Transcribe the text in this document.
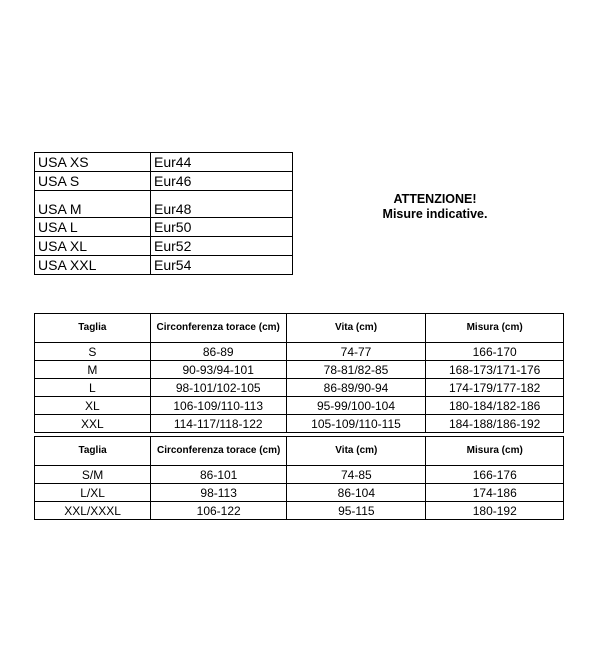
USA XS	Eur44
USA S	Eur46
USA M	Eur48
USA L	Eur50
USA XL	Eur52
USA XXL	Eur54
ATTENZIONE!
Misure indicative.
Taglia	Circonferenza torace (cm)	Vita (cm)	Misura (cm)
S	86-89	74-77	166-170
M	90-93/94-101	78-81/82-85	168-173/171-176
L	98-101/102-105	86-89/90-94	174-179/177-182
XL	106-109/110-113	95-99/100-104	180-184/182-186
XXL	114-117/118-122	105-109/110-115	184-188/186-192
Taglia	Circonferenza torace (cm)	Vita (cm)	Misura (cm)
S/M	86-101	74-85	166-176
L/XL	98-113	86-104	174-186
XXL/XXXL	106-122	95-115	180-192
